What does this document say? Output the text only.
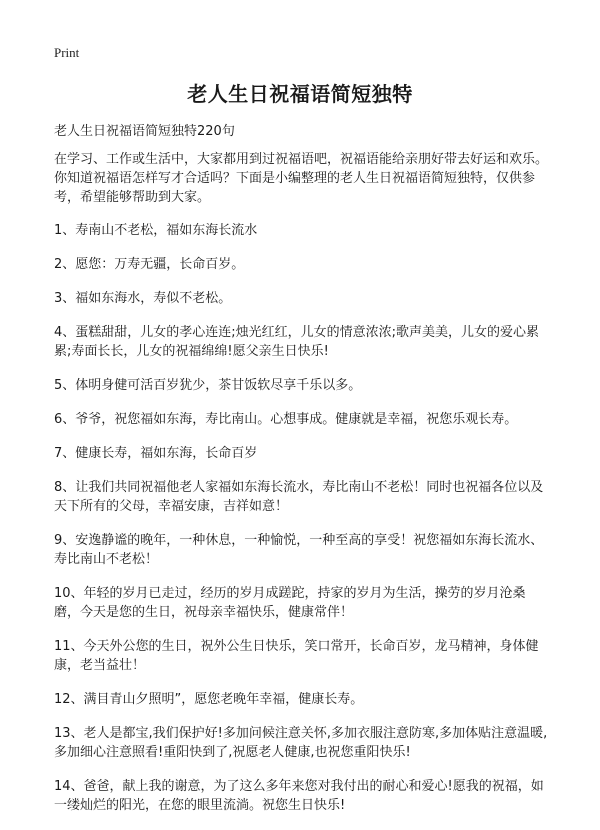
Print
老人生日祝福语简短独特

老人生日祝福语简短独特220句

在学习、工作或生活中，大家都用到过祝福语吧，祝福语能给亲朋好带去好运和欢乐。你知道祝福语怎样写才合适吗？下面是小编整理的老人生日祝福语简短独特，仅供参考，希望能够帮助到大家。

1、寿南山不老松，福如东海长流水

2、愿您：万寿无疆，长命百岁。

3、福如东海水，寿似不老松。

4、蛋糕甜甜，儿女的孝心连连;烛光红红，儿女的情意浓浓;歌声美美，儿女的爱心累累;寿面长长，儿女的祝福绵绵!愿父亲生日快乐!

5、体明身健可活百岁犹少，茶甘饭软尽享千乐以多。

6、爷爷，祝您福如东海，寿比南山。心想事成。健康就是幸福，祝您乐观长寿。

7、健康长寿，福如东海，长命百岁

8、让我们共同祝福他老人家福如东海长流水，寿比南山不老松！同时也祝福各位以及天下所有的父母，幸福安康，吉祥如意！

9、安逸静谧的晚年，一种休息，一种愉悦，一种至高的享受！祝您福如东海长流水、寿比南山不老松！

10、年轻的岁月已走过，经历的岁月成蹉跎，持家的岁月为生活，操劳的岁月沧桑磨，今天是您的生日，祝母亲幸福快乐，健康常伴！

11、今天外公您的生日，祝外公生日快乐，笑口常开，长命百岁，龙马精神，身体健康，老当益壮！

12、满目青山夕照明”，愿您老晚年幸福，健康长寿。

13、老人是都宝,我们保护好!多加问候注意关怀,多加衣服注意防寒,多加体贴注意温暖,多加细心注意照看!重阳快到了,祝愿老人健康,也祝您重阳快乐!

14、爸爸，献上我的谢意，为了这么多年来您对我付出的耐心和爱心!愿我的祝福，如一缕灿烂的阳光，在您的眼里流淌。祝您生日快乐!
